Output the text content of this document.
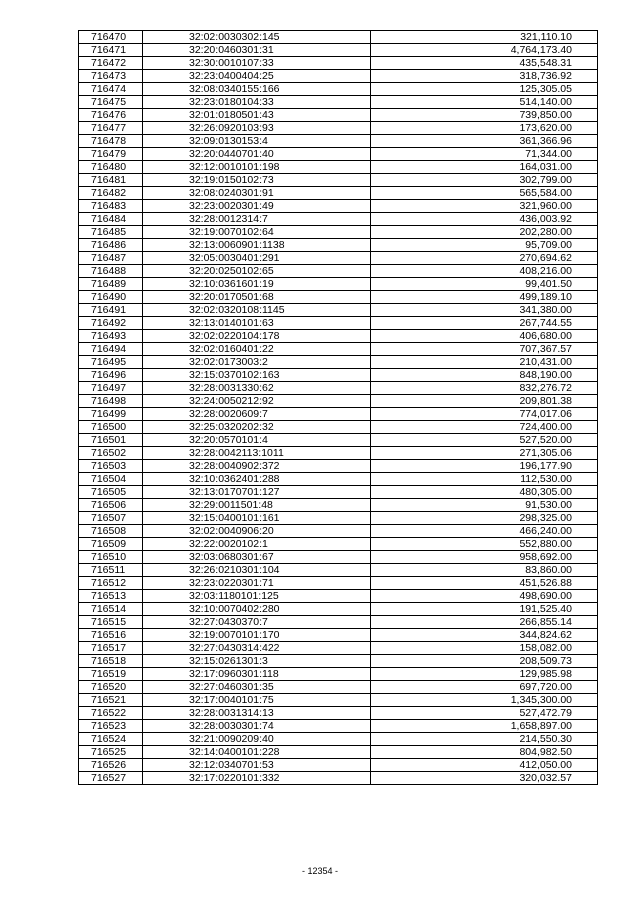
716470	32:02:0030302:145	321,110.10
716471	32:20:0460301:31	4,764,173.40
716472	32:30:0010107:33	435,548.31
716473	32:23:0400404:25	318,736.92
716474	32:08:0340155:166	125,305.05
716475	32:23:0180104:33	514,140.00
716476	32:01:0180501:43	739,850.00
716477	32:26:0920103:93	173,620.00
716478	32:09:0130153:4	361,366.96
716479	32:20:0440701:40	71,344.00
716480	32:12:0010101:198	164,031.00
716481	32:19:0150102:73	302,799.00
716482	32:08:0240301:91	565,584.00
716483	32:23:0020301:49	321,960.00
716484	32:28:0012314:7	436,003.92
716485	32:19:0070102:64	202,280.00
716486	32:13:0060901:1138	95,709.00
716487	32:05:0030401:291	270,694.62
716488	32:20:0250102:65	408,216.00
716489	32:10:0361601:19	99,401.50
716490	32:20:0170501:68	499,189.10
716491	32:02:0320108:1145	341,380.00
716492	32:13:0140101:63	267,744.55
716493	32:02:0220104:178	406,680.00
716494	32:02:0160401:22	707,367.57
716495	32:02:0173003:2	210,431.00
716496	32:15:0370102:163	848,190.00
716497	32:28:0031330:62	832,276.72
716498	32:24:0050212:92	209,801.38
716499	32:28:0020609:7	774,017.06
716500	32:25:0320202:32	724,400.00
716501	32:20:0570101:4	527,520.00
716502	32:28:0042113:1011	271,305.06
716503	32:28:0040902:372	196,177.90
716504	32:10:0362401:288	112,530.00
716505	32:13:0170701:127	480,305.00
716506	32:29:0011501:48	91,530.00
716507	32:15:0400101:161	298,325.00
716508	32:02:0040906:20	466,240.00
716509	32:22:0020102:1	552,880.00
716510	32:03:0680301:67	958,692.00
716511	32:26:0210301:104	83,860.00
716512	32:23:0220301:71	451,526.88
716513	32:03:1180101:125	498,690.00
716514	32:10:0070402:280	191,525.40
716515	32:27:0430370:7	266,855.14
716516	32:19:0070101:170	344,824.62
716517	32:27:0430314:422	158,082.00
716518	32:15:0261301:3	208,509.73
716519	32:17:0960301:118	129,985.98
716520	32:27:0460301:35	697,720.00
716521	32:17:0040101:75	1,345,300.00
716522	32:28:0031314:13	527,472.79
716523	32:28:0030301:74	1,658,897.00
716524	32:21:0090209:40	214,550.30
716525	32:14:0400101:228	804,982.50
716526	32:12:0340701:53	412,050.00
716527	32:17:0220101:332	320,032.57
- 12354 -
